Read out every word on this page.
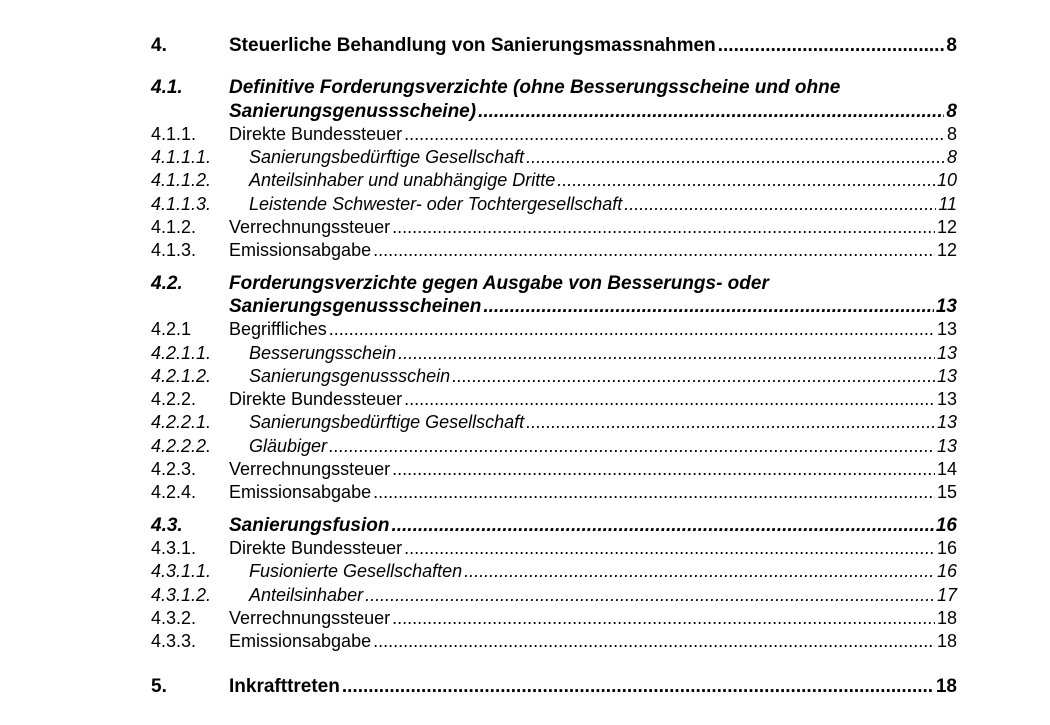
4.	Steuerliche Behandlung von Sanierungsmassnahmen .....	8
4.1. Definitive Forderungsverzichte (ohne Besserungsscheine und ohne
Sanierungsgenussscheine) .....	8
4.1.1.	Direkte Bundessteuer .....	8
4.1.1.1.	Sanierungsbedürftige Gesellschaft .....	8
4.1.1.2.	Anteilsinhaber und unabhängige Dritte .....	10
4.1.1.3.	Leistende Schwester- oder Tochtergesellschaft .....	11
4.1.2.	Verrechnungssteuer .....	12
4.1.3.	Emissionsabgabe .....	12
4.2. Forderungsverzichte gegen Ausgabe von Besserungs- oder
Sanierungsgenussscheinen .....	13
4.2.1	Begriffliches .....	13
4.2.1.1.	Besserungsschein .....	13
4.2.1.2.	Sanierungsgenussschein .....	13
4.2.2.	Direkte Bundessteuer .....	13
4.2.2.1.	Sanierungsbedürftige Gesellschaft .....	13
4.2.2.2.	Gläubiger .....	13
4.2.3.	Verrechnungssteuer .....	14
4.2.4.	Emissionsabgabe .....	15
4.3.	Sanierungsfusion .....	16
4.3.1.	Direkte Bundessteuer .....	16
4.3.1.1.	Fusionierte Gesellschaften .....	16
4.3.1.2.	Anteilsinhaber .....	17
4.3.2.	Verrechnungssteuer .....	18
4.3.3.	Emissionsabgabe .....	18
5.	Inkrafttreten .....	18
